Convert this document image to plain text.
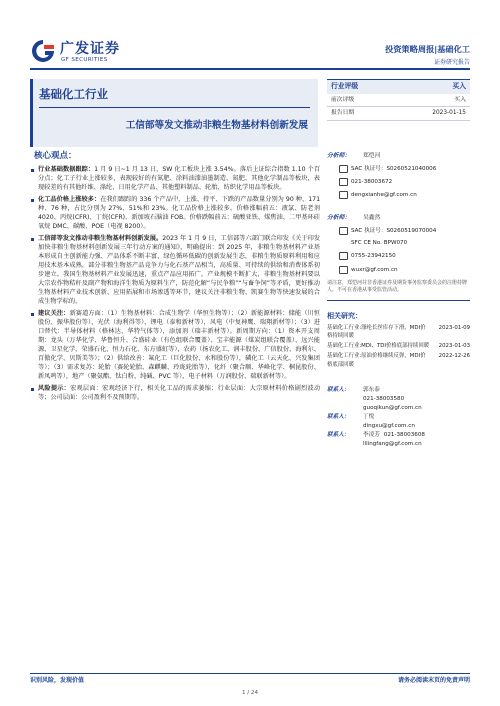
广发证券
GF SECURITIES
投资策略周报|基础化工
证券研究报告
基础化工行业
工信部等发文推动非粮生物基材料创新发展
行业评级	买入
前次评级	买入
报告日期	2023-01-15
核心观点：
行业基础数据跟踪：1 月 9 日~1 月 13 日，SW 化工板块上涨 3.54%。落后上证综合指数 1.10 个百分点；化工子行业上涨较多，表现较好的有氮肥、涂料油漆油墨制造、氮肥、其他化学制品等板块，表现较差的有其他纤维、涤纶、日用化学产品、其他塑料制品、轮胎、纺织化学用品等板块。
化工品价格上涨较多：在我们跟踪的 336 个产品中，上涨、持平、下跌的产品数量分别为 90 种、171 种、76 种，占比分别为 27%、51%和 23%。化工品价格上涨较多。价格涨幅前五：液氯、防老剂 4020、丙烷(CFR)、丁烷(CFR)、新加坡石脑油 FOB。价格跌幅前五：硫酸亚铁、煤焦油、二甲基环硅氧烷 DMC、碳酸、POE（电视 8200）。
工信部等发文推动非粮生物基材料创新发展。2023 年 1 月 9 日，工信部等六部门联合印发《关于印发加快非粮生物基材料创新发展三年行动方案的通知》，明确提出：到 2025 年，非粮生物基材料产业基本形成自主创新能力强、产品体系不断丰富、绿色循环低碳的创新发展生态，非粮生物质原料利用和应用技术基本成熟，部分非粮生物基产品竞争力与化石基产品相当，高质量、可持续的供给和消费体系初步建立。我国生物基材料产业发展迅速，重点产品应用拓广，产业规模不断扩大，非粮生物基材料要以大宗农作物秸秆及副产物和海洋生物质为原料生产，防范化解“与民争粮”“与畜争饲”等矛盾，更好推动生物基材料产业技术创新、应用拓展和市场渗透等环节，建议关注非粮生物、凯赛生物等快速发展的合成生物学标的。
建议关注：新赛道方面：（1）生物基材料：合成生物学（华恒生物等）；（2）新能源材料：储能（川恒股份、振华股份等），光伏（海利得等），锂电（泰和新材等），风电（中复神鹰、瑞翔新材等）；（3）进口替代：半导体材料（格林达、华特气体等），添加剂（瑞丰新材等）。新周期方向：（1）资本开支周期：龙头（万华化学、华鲁恒升、合盛硅业（有色组联合覆盖）、宝丰能源（煤炭组联合覆盖）、远兴能源、卫星化学、荣盛石化、恒力石化、东方盛虹等），农药（扬农化工、润丰股份、广信股份、海利尔、百傲化学、贝斯美等）；（2）供给改善：氟化工（巨化股份、永和股份等），磷化工（云天化、兴发集团等）；（3）需求复苏：轮胎（赛轮轮胎、森麒麟、玲珑轮胎等），化纤（聚合顺、华峰化学、桐昆股份、新凤鸣等），地产（聚氨酯、钛白粉、纯碱、PVC 等），电子材料（万润股份、瑞联新材等）。
风险提示：宏观层面：宏观经济下行，相关化工品的需求萎缩；行业层面：大宗原材料价格剧烈波动等；公司层面：公司盈利不及预期等。
分析师： 郑恺河
SAC 执证号：S0260521040006
021-38003672
dengxianhe@gf.com.cn
分析师： 吴鑫然
SAC 执证号：S0260519070004
SFC CE No. BPW070
0755-23942150
wuxr@gf.com.cn
请注意，郑恺河并非香港证券及期货事务监察委员会的注册持牌人，不可在香港从事受监管活动。
相关研究：
基础化工行业:涤纶长丝库存下滑，MDI价格持续回暖
2023-01-09
基础化工行业:MDI、TDI价格底部持续回暖 2023-01-03
基础化工行业:原油价格继续反弹，MDI价格底部回暖
2022-12-26
联系人：	郭东泰
021-38003580
guoqikun@gf.com.cn
联系人：	丁悦
dingxu@gf.com.cn
联系人：	李凌芳 021-38003608
lilingfang@gf.com.cn
识别风险，发现价值	请务必阅读末页的免责声明
1 / 24
